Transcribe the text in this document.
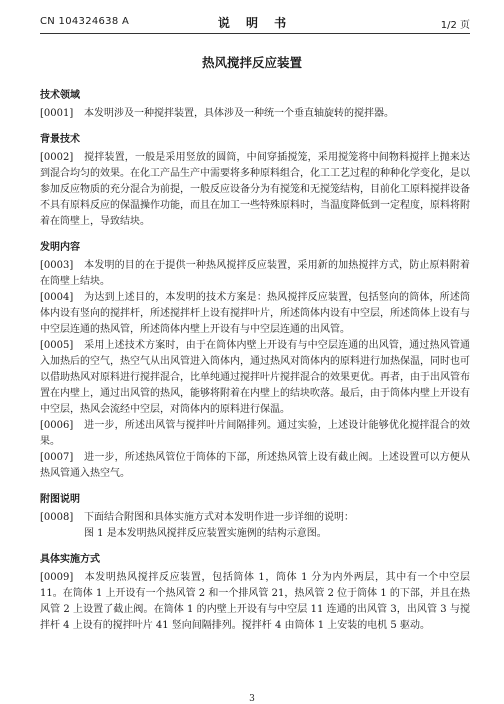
CN 104324638 A	说 明 书	1/2 页
热风搅拌反应装置
技术领域

[0001] 本发明涉及一种搅拌装置，具体涉及一种统一个垂直轴旋转的搅拌器。

背景技术

[0002] 搅拌装置，一般是采用竖放的圆筒，中间穿插搅笼，采用搅笼将中间物料搅拌上抛来达到混合均匀的效果。在化工产品生产中需要将多种原料组合，化工工艺过程的种种化学变化，是以参加反应物质的充分混合为前提，一般反应设备分为有搅笼和无搅笼结构，目前化工原料搅拌设备不具有原料反应的保温操作功能，而且在加工一些特殊原料时，当温度降低到一定程度，原料将附着在筒壁上，导致结块。

发明内容

[0003] 本发明的目的在于提供一种热风搅拌反应装置，采用新的加热搅拌方式，防止原料附着在筒壁上结块。

[0004] 为达到上述目的，本发明的技术方案是：热风搅拌反应装置，包括竖向的筒体，所述筒体内设有竖向的搅拌杆，所述搅拌杆上设有搅拌叶片，所述筒体内设有中空层，所述筒体上设有与中空层连通的热风管，所述筒体内壁上开设有与中空层连通的出风管。

[0005] 采用上述技术方案时，由于在筒体内壁上开设有与中空层连通的出风管，通过热风管通入加热后的空气，热空气从出风管进入筒体内，通过热风对筒体内的原料进行加热保温，同时也可以借助热风对原料进行搅拌混合，比单纯通过搅拌叶片搅拌混合的效果更优。再者，由于出风管布置在内壁上，通过出风管的热风，能够将附着在内壁上的结块吹落。最后，由于筒体内壁上开设有中空层，热风会流经中空层，对筒体内的原料进行保温。

[0006] 进一步，所述出风管与搅拌叶片间隔排列。通过实验，上述设计能够优化搅拌混合的效果。

[0007] 进一步，所述热风管位于筒体的下部，所述热风管上设有截止阀。上述设置可以方便从热风管通入热空气。

附图说明

[0008] 下面结合附图和具体实施方式对本发明作进一步详细的说明：

图 1 是本发明热风搅拌反应装置实施例的结构示意图。

具体实施方式

[0009] 本发明热风搅拌反应装置，包括筒体 1，筒体 1 分为内外两层，其中有一个中空层 11。在筒体 1 上开设有一个热风管 2 和一个排风管 21，热风管 2 位于筒体 1 的下部，并且在热风管 2 上设置了截止阀。在筒体 1 的内壁上开设有与中空层 11 连通的出风管 3，出风管 3 与搅拌杆 4 上设有的搅拌叶片 41 竖向间隔排列。搅拌杆 4 由筒体 1 上安装的电机 5 驱动。

3
